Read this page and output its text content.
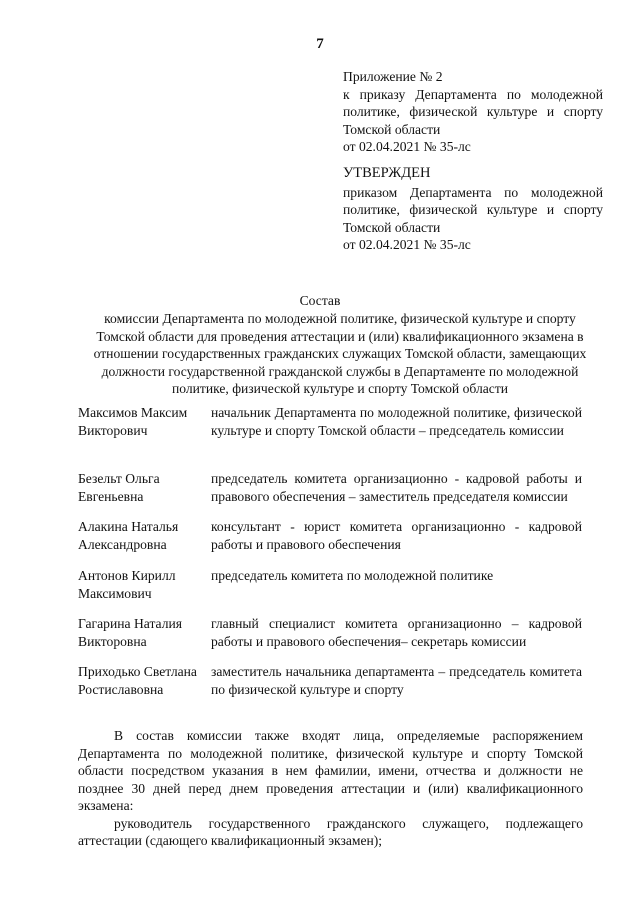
7
Приложение № 2
к приказу Департамента по молодежной политике, физической культуре и спорту Томской области
от 02.04.2021 № 35-лс
УТВЕРЖДЕН
приказом Департамента по молодежной политике, физической культуре и спорту Томской области
от 02.04.2021 № 35-лс
Состав
комиссии Департамента по молодежной политике, физической культуре и спорту Томской области для проведения аттестации и (или) квалификационного экзамена в отношении государственных гражданских служащих Томской области, замещающих должности государственной гражданской службы в Департаменте по молодежной политике, физической культуре и спорту Томской области
Максимов Максим Викторович
начальник Департамента по молодежной политике, физической культуре и спорту Томской области – председатель комиссии
Безельт Ольга Евгеньевна
председатель комитета организационно - кадровой работы и правового обеспечения – заместитель председателя комиссии
Алакина Наталья Александровна
консультант - юрист комитета организационно - кадровой работы и правового обеспечения
Антонов Кирилл Максимович
председатель комитета по молодежной политике
Гагарина Наталия Викторовна
главный специалист комитета организационно – кадровой работы и правового обеспечения– секретарь комиссии
Приходько Светлана Ростиславовна
заместитель начальника департамента – председатель комитета по физической культуре и спорту

В состав комиссии также входят лица, определяемые распоряжением Департамента по молодежной политике, физической культуре и спорту Томской области посредством указания в нем фамилии, имени, отчества и должности не позднее 30 дней перед днем проведения аттестации и (или) квалификационного экзамена:

руководитель государственного гражданского служащего, подлежащего аттестации (сдающего квалификационный экзамен);
